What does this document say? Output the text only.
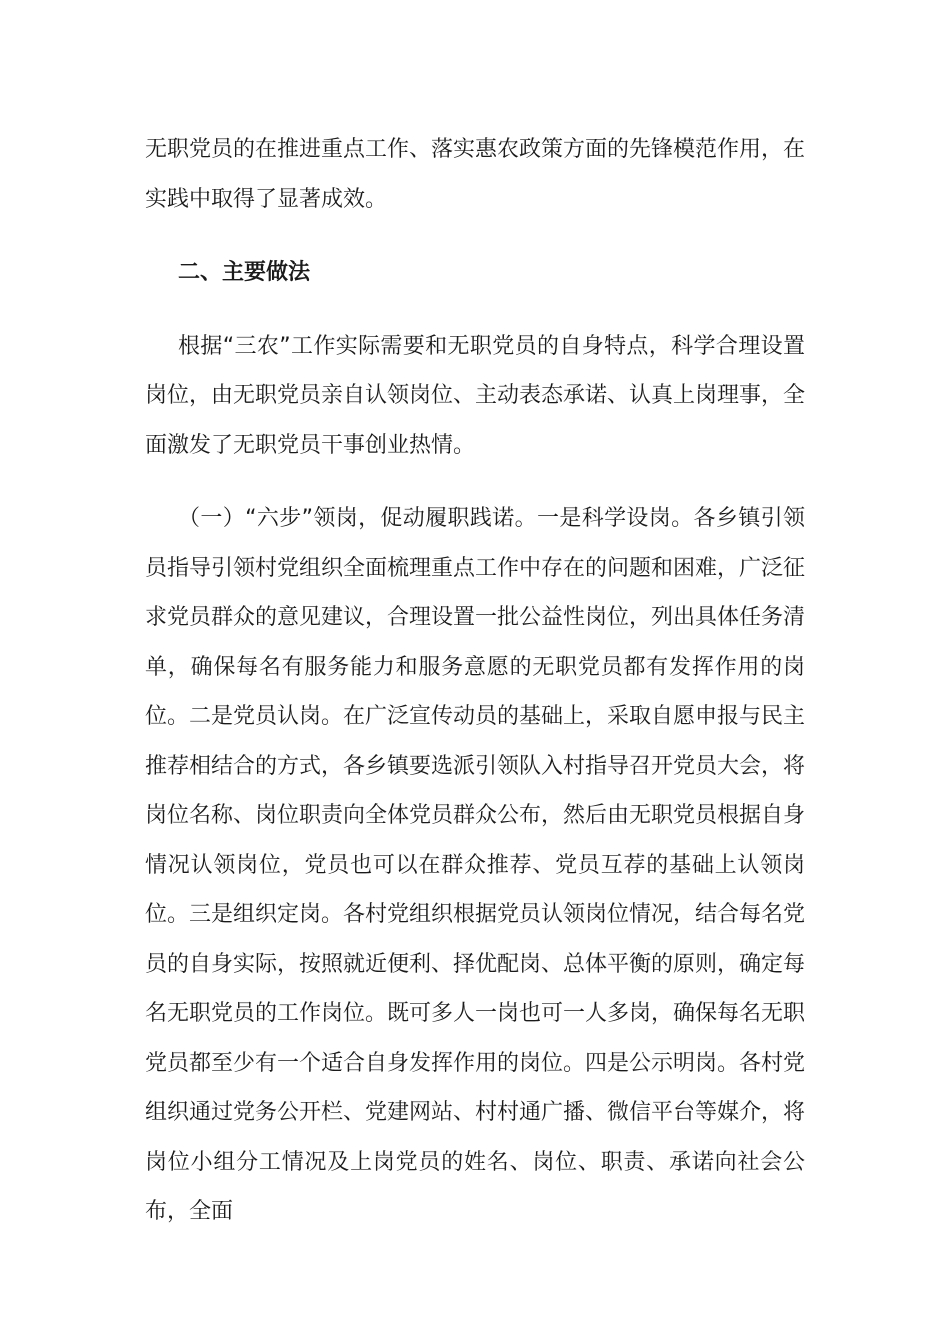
无职党员的在推进重点工作、落实惠农政策方面的先锋模范作用，在实践中取得了显著成效。

二、主要做法

根据“三农”工作实际需要和无职党员的自身特点，科学合理设置岗位，由无职党员亲自认领岗位、主动表态承诺、认真上岗理事，全面激发了无职党员干事创业热情。

（一）“六步”领岗，促动履职践诺。一是科学设岗。各乡镇引领员指导引领村党组织全面梳理重点工作中存在的问题和困难，广泛征求党员群众的意见建议，合理设置一批公益性岗位，列出具体任务清单，确保每名有服务能力和服务意愿的无职党员都有发挥作用的岗位。二是党员认岗。在广泛宣传动员的基础上，采取自愿申报与民主推荐相结合的方式，各乡镇要选派引领队入村指导召开党员大会，将岗位名称、岗位职责向全体党员群众公布，然后由无职党员根据自身情况认领岗位，党员也可以在群众推荐、党员互荐的基础上认领岗位。三是组织定岗。各村党组织根据党员认领岗位情况，结合每名党员的自身实际，按照就近便利、择优配岗、总体平衡的原则，确定每名无职党员的工作岗位。既可多人一岗也可一人多岗，确保每名无职党员都至少有一个适合自身发挥作用的岗位。四是公示明岗。各村党组织通过党务公开栏、党建网站、村村通广播、微信平台等媒介，将岗位小组分工情况及上岗党员的姓名、岗位、职责、承诺向社会公布，全面
